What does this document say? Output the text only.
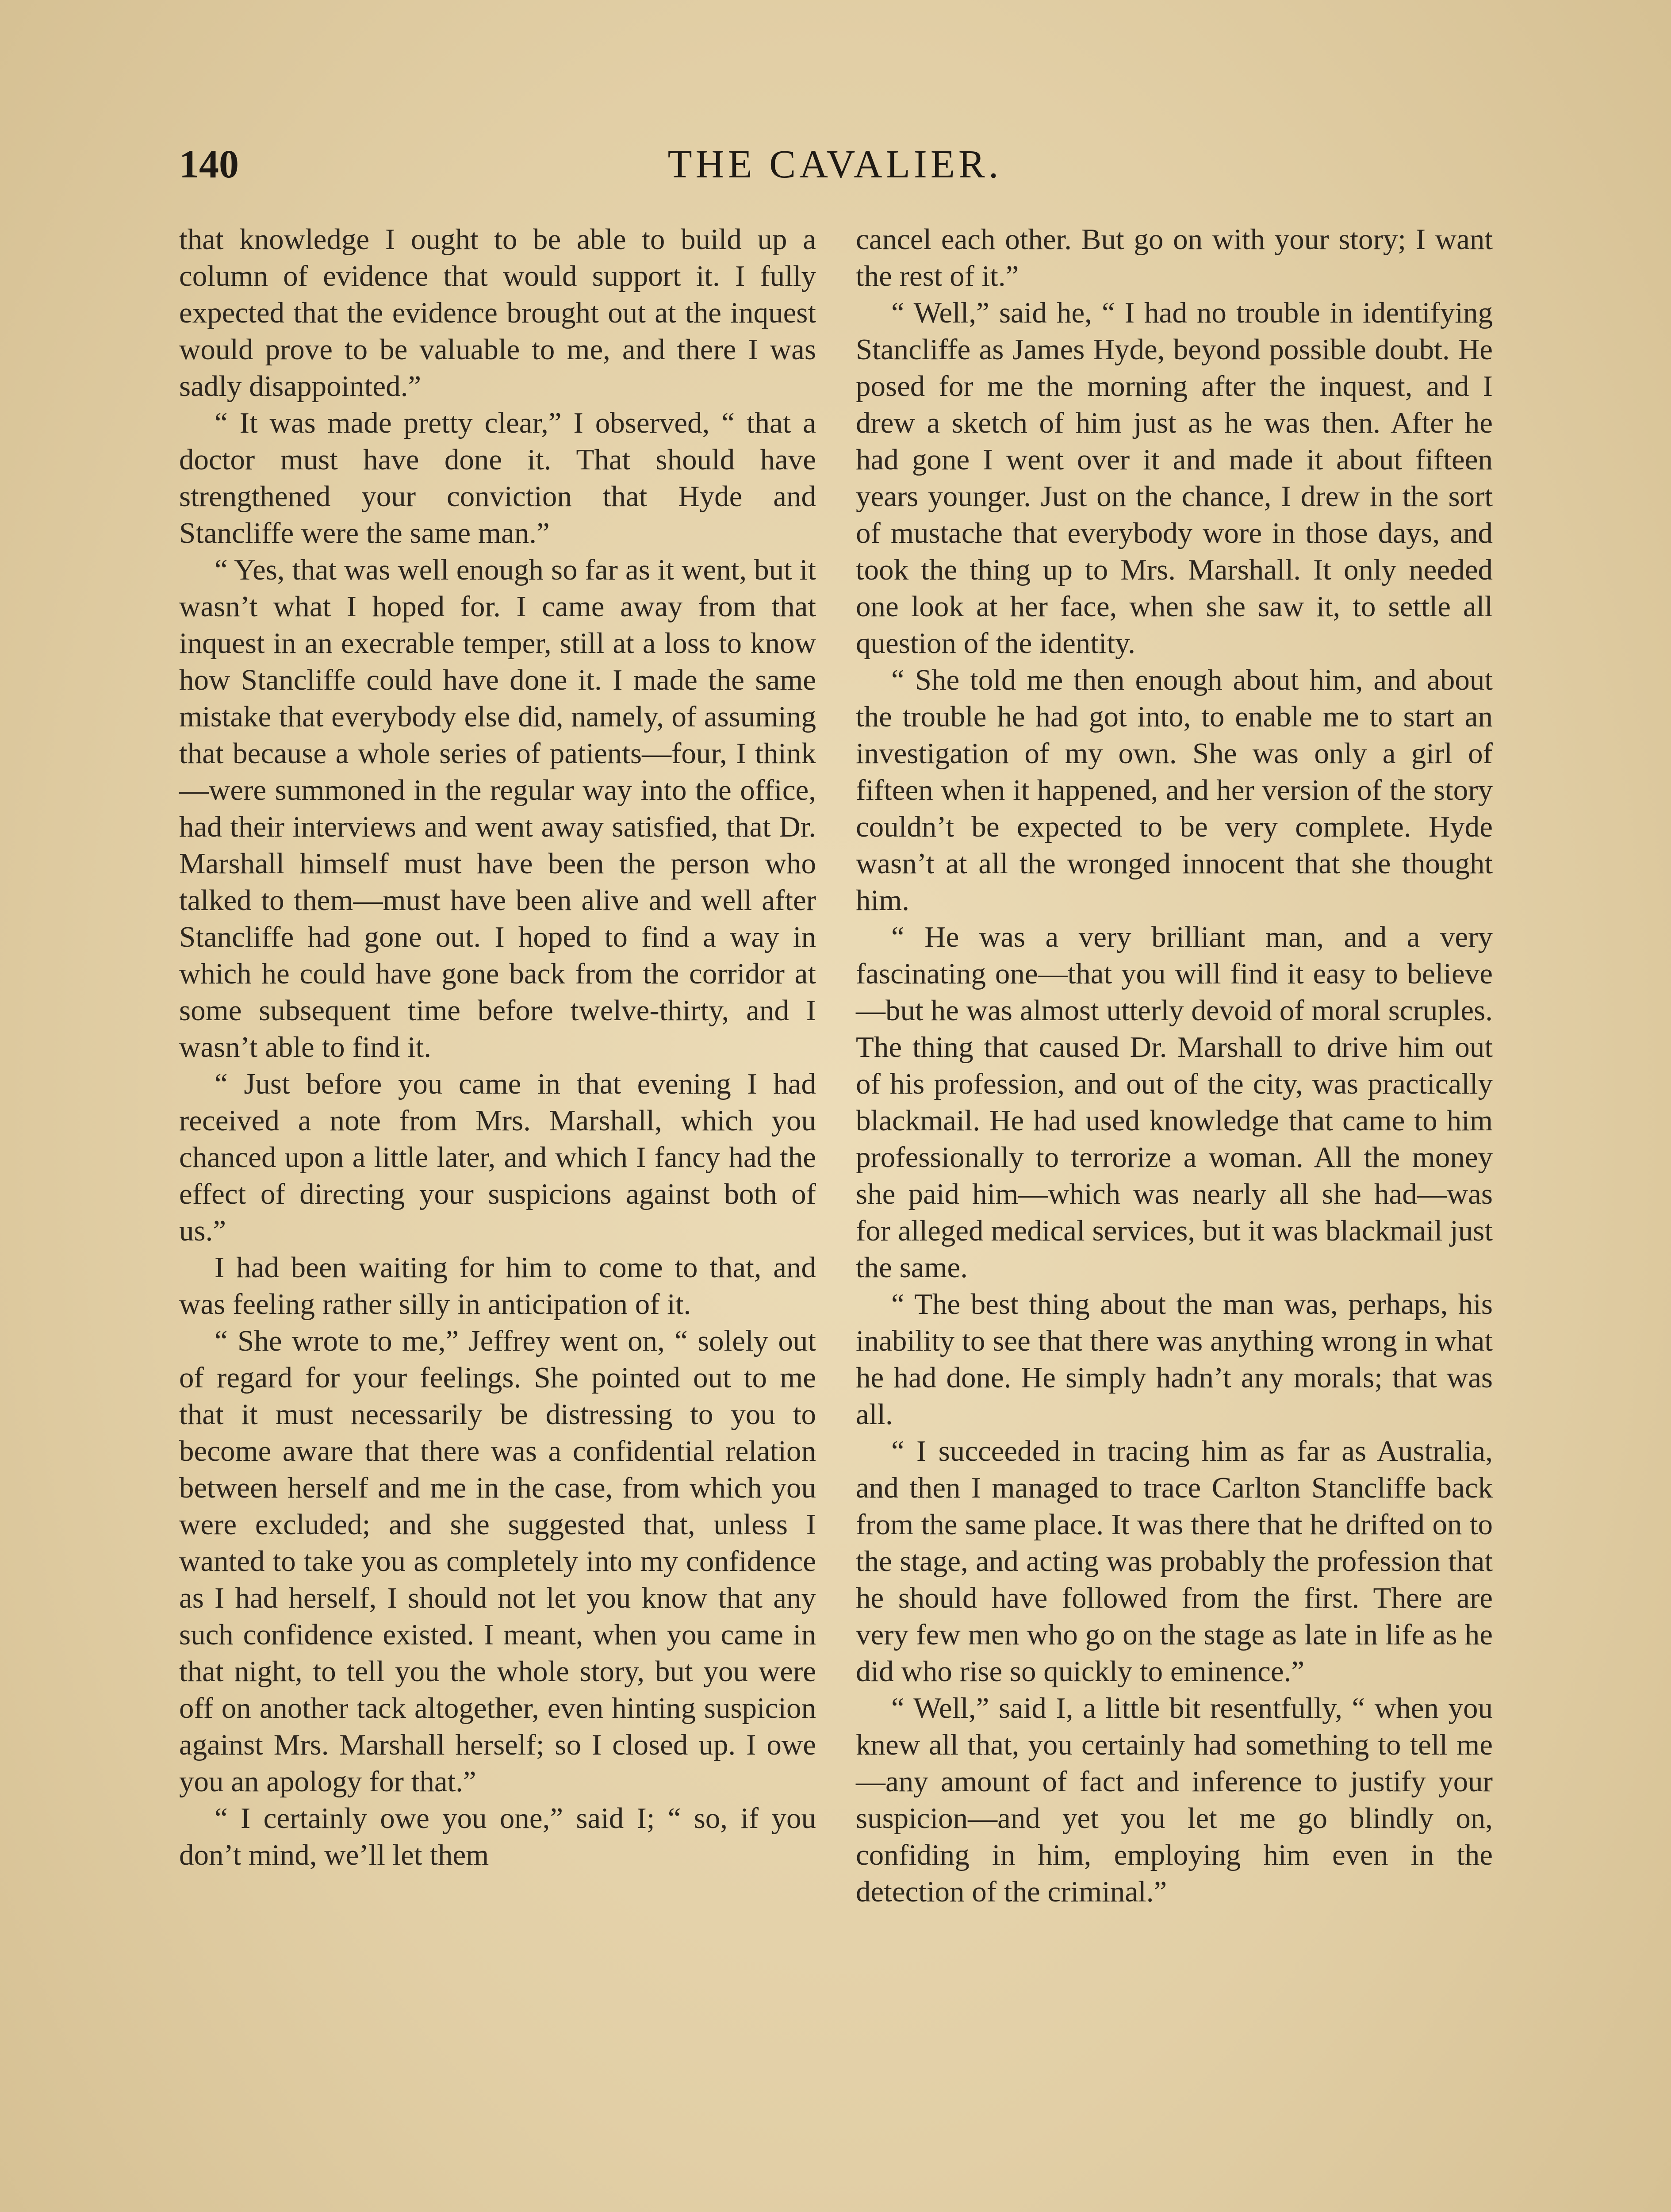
140	THE CAVALIER.

that knowledge I ought to be able to build up a column of evidence that would support it. I fully expected that the evidence brought out at the inquest would prove to be valuable to me, and there I was sadly disappointed.”

“ It was made pretty clear,” I observed, “ that a doctor must have done it. That should have strengthened your conviction that Hyde and Stancliffe were the same man.”

“ Yes, that was well enough so far as it went, but it wasn’t what I hoped for. I came away from that inquest in an execrable temper, still at a loss to know how Stancliffe could have done it. I made the same mistake that everybody else did, namely, of assuming that because a whole series of patients—four, I think—were summoned in the regular way into the office, had their interviews and went away satisfied, that Dr. Marshall himself must have been the person who talked to them—must have been alive and well after Stancliffe had gone out. I hoped to find a way in which he could have gone back from the corridor at some subsequent time before twelve-thirty, and I wasn’t able to find it.

“ Just before you came in that evening I had received a note from Mrs. Marshall, which you chanced upon a little later, and which I fancy had the effect of directing your suspicions against both of us.”

I had been waiting for him to come to that, and was feeling rather silly in anticipation of it.

“ She wrote to me,” Jeffrey went on, “ solely out of regard for your feelings. She pointed out to me that it must necessarily be distressing to you to become aware that there was a confidential relation between herself and me in the case, from which you were excluded; and she suggested that, unless I wanted to take you as completely into my confidence as I had herself, I should not let you know that any such confidence existed. I meant, when you came in that night, to tell you the whole story, but you were off on another tack altogether, even hinting suspicion against Mrs. Marshall herself; so I closed up. I owe you an apology for that.”

“ I certainly owe you one,” said I; “ so, if you don’t mind, we’ll let them

cancel each other. But go on with your story; I want the rest of it.”

“ Well,” said he, “ I had no trouble in identifying Stancliffe as James Hyde, beyond possible doubt. He posed for me the morning after the inquest, and I drew a sketch of him just as he was then. After he had gone I went over it and made it about fifteen years younger. Just on the chance, I drew in the sort of mustache that everybody wore in those days, and took the thing up to Mrs. Marshall. It only needed one look at her face, when she saw it, to settle all question of the identity.

“ She told me then enough about him, and about the trouble he had got into, to enable me to start an investigation of my own. She was only a girl of fifteen when it happened, and her version of the story couldn’t be expected to be very complete. Hyde wasn’t at all the wronged innocent that she thought him.

“ He was a very brilliant man, and a very fascinating one—that you will find it easy to believe—but he was almost utterly devoid of moral scruples. The thing that caused Dr. Marshall to drive him out of his profession, and out of the city, was practically blackmail. He had used knowledge that came to him professionally to terrorize a woman. All the money she paid him—which was nearly all she had—was for alleged medical services, but it was blackmail just the same.

“ The best thing about the man was, perhaps, his inability to see that there was anything wrong in what he had done. He simply hadn’t any morals; that was all.

“ I succeeded in tracing him as far as Australia, and then I managed to trace Carlton Stancliffe back from the same place. It was there that he drifted on to the stage, and acting was probably the profession that he should have followed from the first. There are very few men who go on the stage as late in life as he did who rise so quickly to eminence.”

“ Well,” said I, a little bit resentfully, “ when you knew all that, you certainly had something to tell me—any amount of fact and inference to justify your suspicion—and yet you let me go blindly on, confiding in him, employing him even in the detection of the criminal.”
